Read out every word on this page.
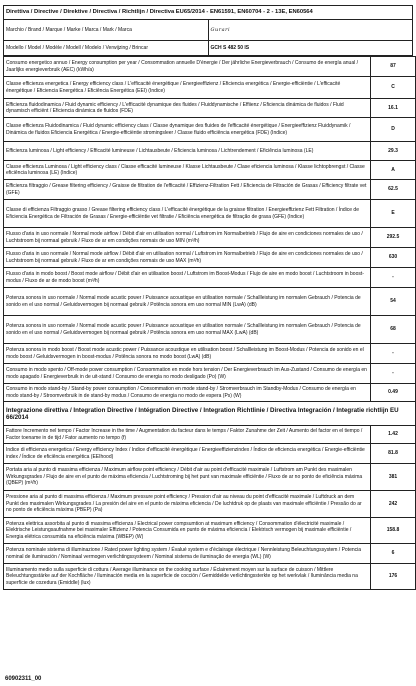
Direttiva / Directive / Direktive / Directiva / Richtlijn / Directiva EU65/2014 - EN61591, EN60704 - 2 - 13E, EN60564	
Marchio / Brand / Marque / Marke / Marca / Mark / Marca	Gurari
Modello / Model / Modèle / Modell / Modelo / Verwijzing / Brincar	GCH S 482 50 IS
Consumo energetico annuo / Energy consumption per year / Consommation annuelle D'énergie / Der jährliche Energieverbrauch / Consumo de energía anual / Jaarlijks energieverbruik (AEC) (kWh/a)	87
Classe efficienza energetica / Energy efficiency class / L'efficacité énergétique / Energieeffizienz / Eficiencia energética / Energie-efficiëntie / L'efficacité énergétique / Eficiencia Energética / Eficiência Energética (EEI) (Indice)	C
Efficienza fluidodinamica / Fluid dynamic efficiency / L'efficacité dynamique des fluides / Fluiddynamische / Effiienz / Eficiencia dinámica de fluidos / Fluid dynamisch efficiënt / Eficiencia dinámica de fluidos (FDE)	16.1
Classe efficienza Fluidodinamica / Fluid dynamic efficiency class / Classe dynamique des fluides de l'efficacité énergétique / Energieeffizienz Fluiddynamik / Dinámica de fluidos Eficiencia Energética / Energie-efficiëntie stromingsleer / Classe fluido efficiência energética (FDE) (Indice)	D
Efficienza luminosa / Light efficiency / Efficacité lumineuse / Lichtausbeute / Eficiencia luminosa / Lichtrendement / Eficiência luminosa (LE)	29.3
Classe efficienza Luminosa / Light efficiency class / Classe efficacité lumineuse / Klasse Lichtausbeute / Clase eficiencia luminosa / Klasse lichtopbrengst / Classe eficiência luminosa (LE) (Indice)	A
Efficienza filtraggio / Grease filtering efficiency / Graisse de filtration de l'efficacité / Effizienz-Filtration Fett / Eficiencia de Filtración de Grasas / Efficiency filtrate vet (GFE)	62.5
Classe di efficienza Filtraggio grasso / Grease filtering efficiency class / L'efficacité énergétique de la graisse filtration / Energieeffizienz Fett Filtration / Índice de Eficiencia Energética de Filtración de Grasas / Energie-efficiëntie vet filtratie / Eficiência energética de filtração de graxa (GFE) (Indice)	E
Flusso d'aria in uso normale / Normal mode airflow / Débit d'air en utilisation normal / Luftstrom im Normalbetrieb / Flujo de aire en condiciones normales de uso / Luchtstroom bij normaal gebruik / Fluxo de ar em condições normais de uso MIN (m³/h)	292.5
Flusso d'aria in uso normale / Normal mode airflow / Débit d'air en utilisation normal / Luftstrom im Normalbetrieb / Flujo de aire en condiciones normales de uso / Luchtstroom bij normaal gebruik / Fluxo de ar em condições normais de uso MAX (m³/h)	630
Flusso d'aria in modo boost / Boost mode airflow / Débit d'air en utilisation boost / Luftstrom im Boost-Modus / Flujo de aire en modo boost / Luchtstroom in boost-modus / Fluxo de ar de modo boost (m³/h)	-
Potenza sonora in uso normale / Normal mode acustic power / Puissance acoustique en utilisation normale / Schallleistung im normalen Gebrauch / Potencia de sonido en el uso normal / Geluidsvermogen bij normaal gebruik / Potência sonora em uso normal MIN (LwA) (dB)	54
Potenza sonora in uso normale / Normal mode acustic power / Puissance acoustique en utilisation normale / Schallleistung im normalen Gebrauch / Potencia de sonido en el uso normal / Geluidsvermogen bij normaal gebruik / Potência sonora em uso normal MAX (LwA) (dB)	68
Potenza sonora in modo boost / Boost mode acustic power / Puissance acoustique en utilisation boost / Schallleistung im Boost-Modus / Potencia de sonido en el modo boost / Geluidsvermogen in boost-modus / Potência sonora no modo boost (LwA) (dB)	-
Consumo in modo spento / Off-mode power consumption / Consommation en mode hors tension / Der Energieverbrauch im Aus-Zustand / Consumo de energía en modo apagado / Energieverbruik in de uit-stand / Consumo de energia no modo desligado (Po) (W)	-
Consumo in modo stand-by / Stand-by power consumption / Consommation en mode stand-by / Stromverbrauch im Standby-Modus / Consumo de energía en modo stand-by / Stroomverbruik in de stand-by modus / Consumo de energia no modo de espera (Ps) (W)	0.49
Integrazione direttiva / Integration Directive / Intégration Directive / Integration Richtlinie / Directiva Integración / Integratie richtlijn EU 66/2014	
Fattore Incremento nel tempo / Factor Increase in the time / Augmentation du facteur dans le temps / Faktor Zunahme der Zeit / Aumento del factor en el tiempo / Factor toename in de tijd / Fator aumento no tempo (f)	1.42
Indice di efficienza energetica / Energy efficiency Index / Indice d'efficacité énergétique / Energieeffizienzindex / Índice de eficiencia energética / Energie-efficiëntie index / Índice de eficiência energética (EEIhood)	81.8
Portata aria al punto di massima efficienza / Maximum airflow point efficiency / Débit d'air au point d'efficacité maximale / Luftstrom am Punkt des maximalen Wirkungsgrades / Flujo de aire en el punto de máxima eficiencia / Luchtstroming bij het punt van maximale efficiëntie / Fluxo de ar no ponto de eficiência máxima (QBEP) (m³/h)	381
Pressione aria al punto di massima efficienza / Maximum pressure point efficiency / Pression d'air au niveau du point d'efficacité maximale / Luftdruck an dem Punkt des maximalen Wirkungsgrades / La presión del aire en el punto de máxima eficiencia / De luchtdruk op de plaats van maximale efficiëntie / Pressão do ar no ponto de eficiência máxima (PBEP) (Pa)	242
Potenza elettrica assorbita al punto di massima efficienza / Electrical power compsumtion at maximum efficiency / Consommation d'électricité maximale / Elektrische Leistungsaufnahme bei maximaler Effizienz / Potencia Consumida en punto de máxima eficiencia / Elektrisch vermogen bij maximale efficiëntie / Energia elétrica consumida na eficiência máxima (WBEP) (W)	158.8
Potenza nominale sistema di illuminazione / Rated power lighting system / Évalué system e d'éclairage électrique / Nennleistung Beleuchtungssystem / Potencia nominal de iluminación / Nominaal vermogen verlichtingssysteem / Nominal sistema de iluminação de energia (WL) (W)	6
Illuminamento medio sulla superficie di cottura / Average illuminance on the cooking surface / Éclairement moyen sur la surface de cuisson / Mittlere Beleuchtungsstärke auf der Kochfläche / Iluminación media en la superficie de cocción / Gemiddelde verlichtingssterkte op het werkvlak / Iluminância media na superfície de cozedura (Emiddle) (lux)	176
60902311_00
